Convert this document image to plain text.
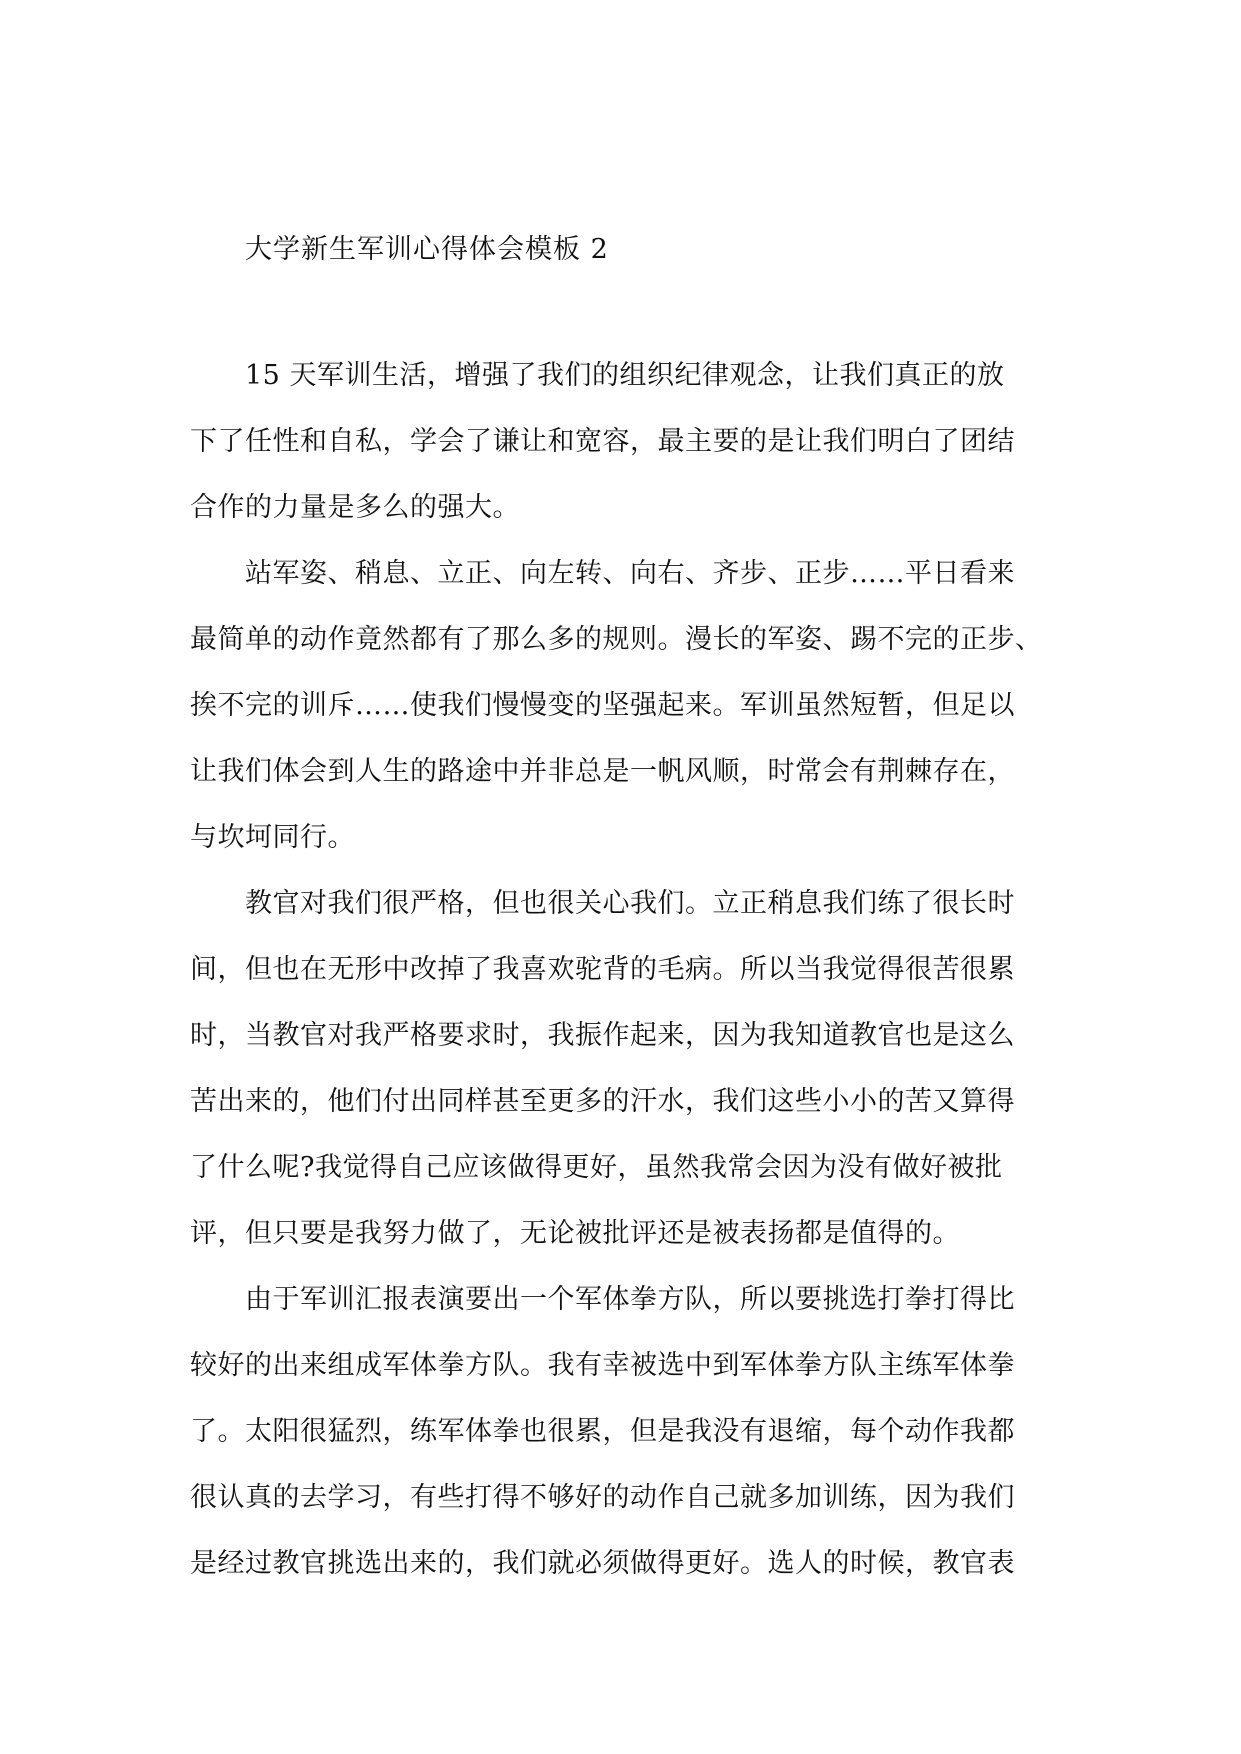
大学新生军训心得体会模板 2
15 天军训生活，增强了我们的组织纪律观念，让我们真正的放
下了任性和自私，学会了谦让和宽容，最主要的是让我们明白了团结
合作的力量是多么的强大。
站军姿、稍息、立正、向左转、向右、齐步、正步……平日看来
最简单的动作竟然都有了那么多的规则。漫长的军姿、踢不完的正步、
挨不完的训斥……使我们慢慢变的坚强起来。军训虽然短暂，但足以
让我们体会到人生的路途中并非总是一帆风顺，时常会有荆棘存在，
与坎坷同行。
教官对我们很严格，但也很关心我们。立正稍息我们练了很长时
间，但也在无形中改掉了我喜欢驼背的毛病。所以当我觉得很苦很累
时，当教官对我严格要求时，我振作起来，因为我知道教官也是这么
苦出来的，他们付出同样甚至更多的汗水，我们这些小小的苦又算得
了什么呢?我觉得自己应该做得更好，虽然我常会因为没有做好被批
评，但只要是我努力做了，无论被批评还是被表扬都是值得的。
由于军训汇报表演要出一个军体拳方队，所以要挑选打拳打得比
较好的出来组成军体拳方队。我有幸被选中到军体拳方队主练军体拳
了。太阳很猛烈，练军体拳也很累，但是我没有退缩，每个动作我都
很认真的去学习，有些打得不够好的动作自己就多加训练，因为我们
是经过教官挑选出来的，我们就必须做得更好。选人的时候，教官表
